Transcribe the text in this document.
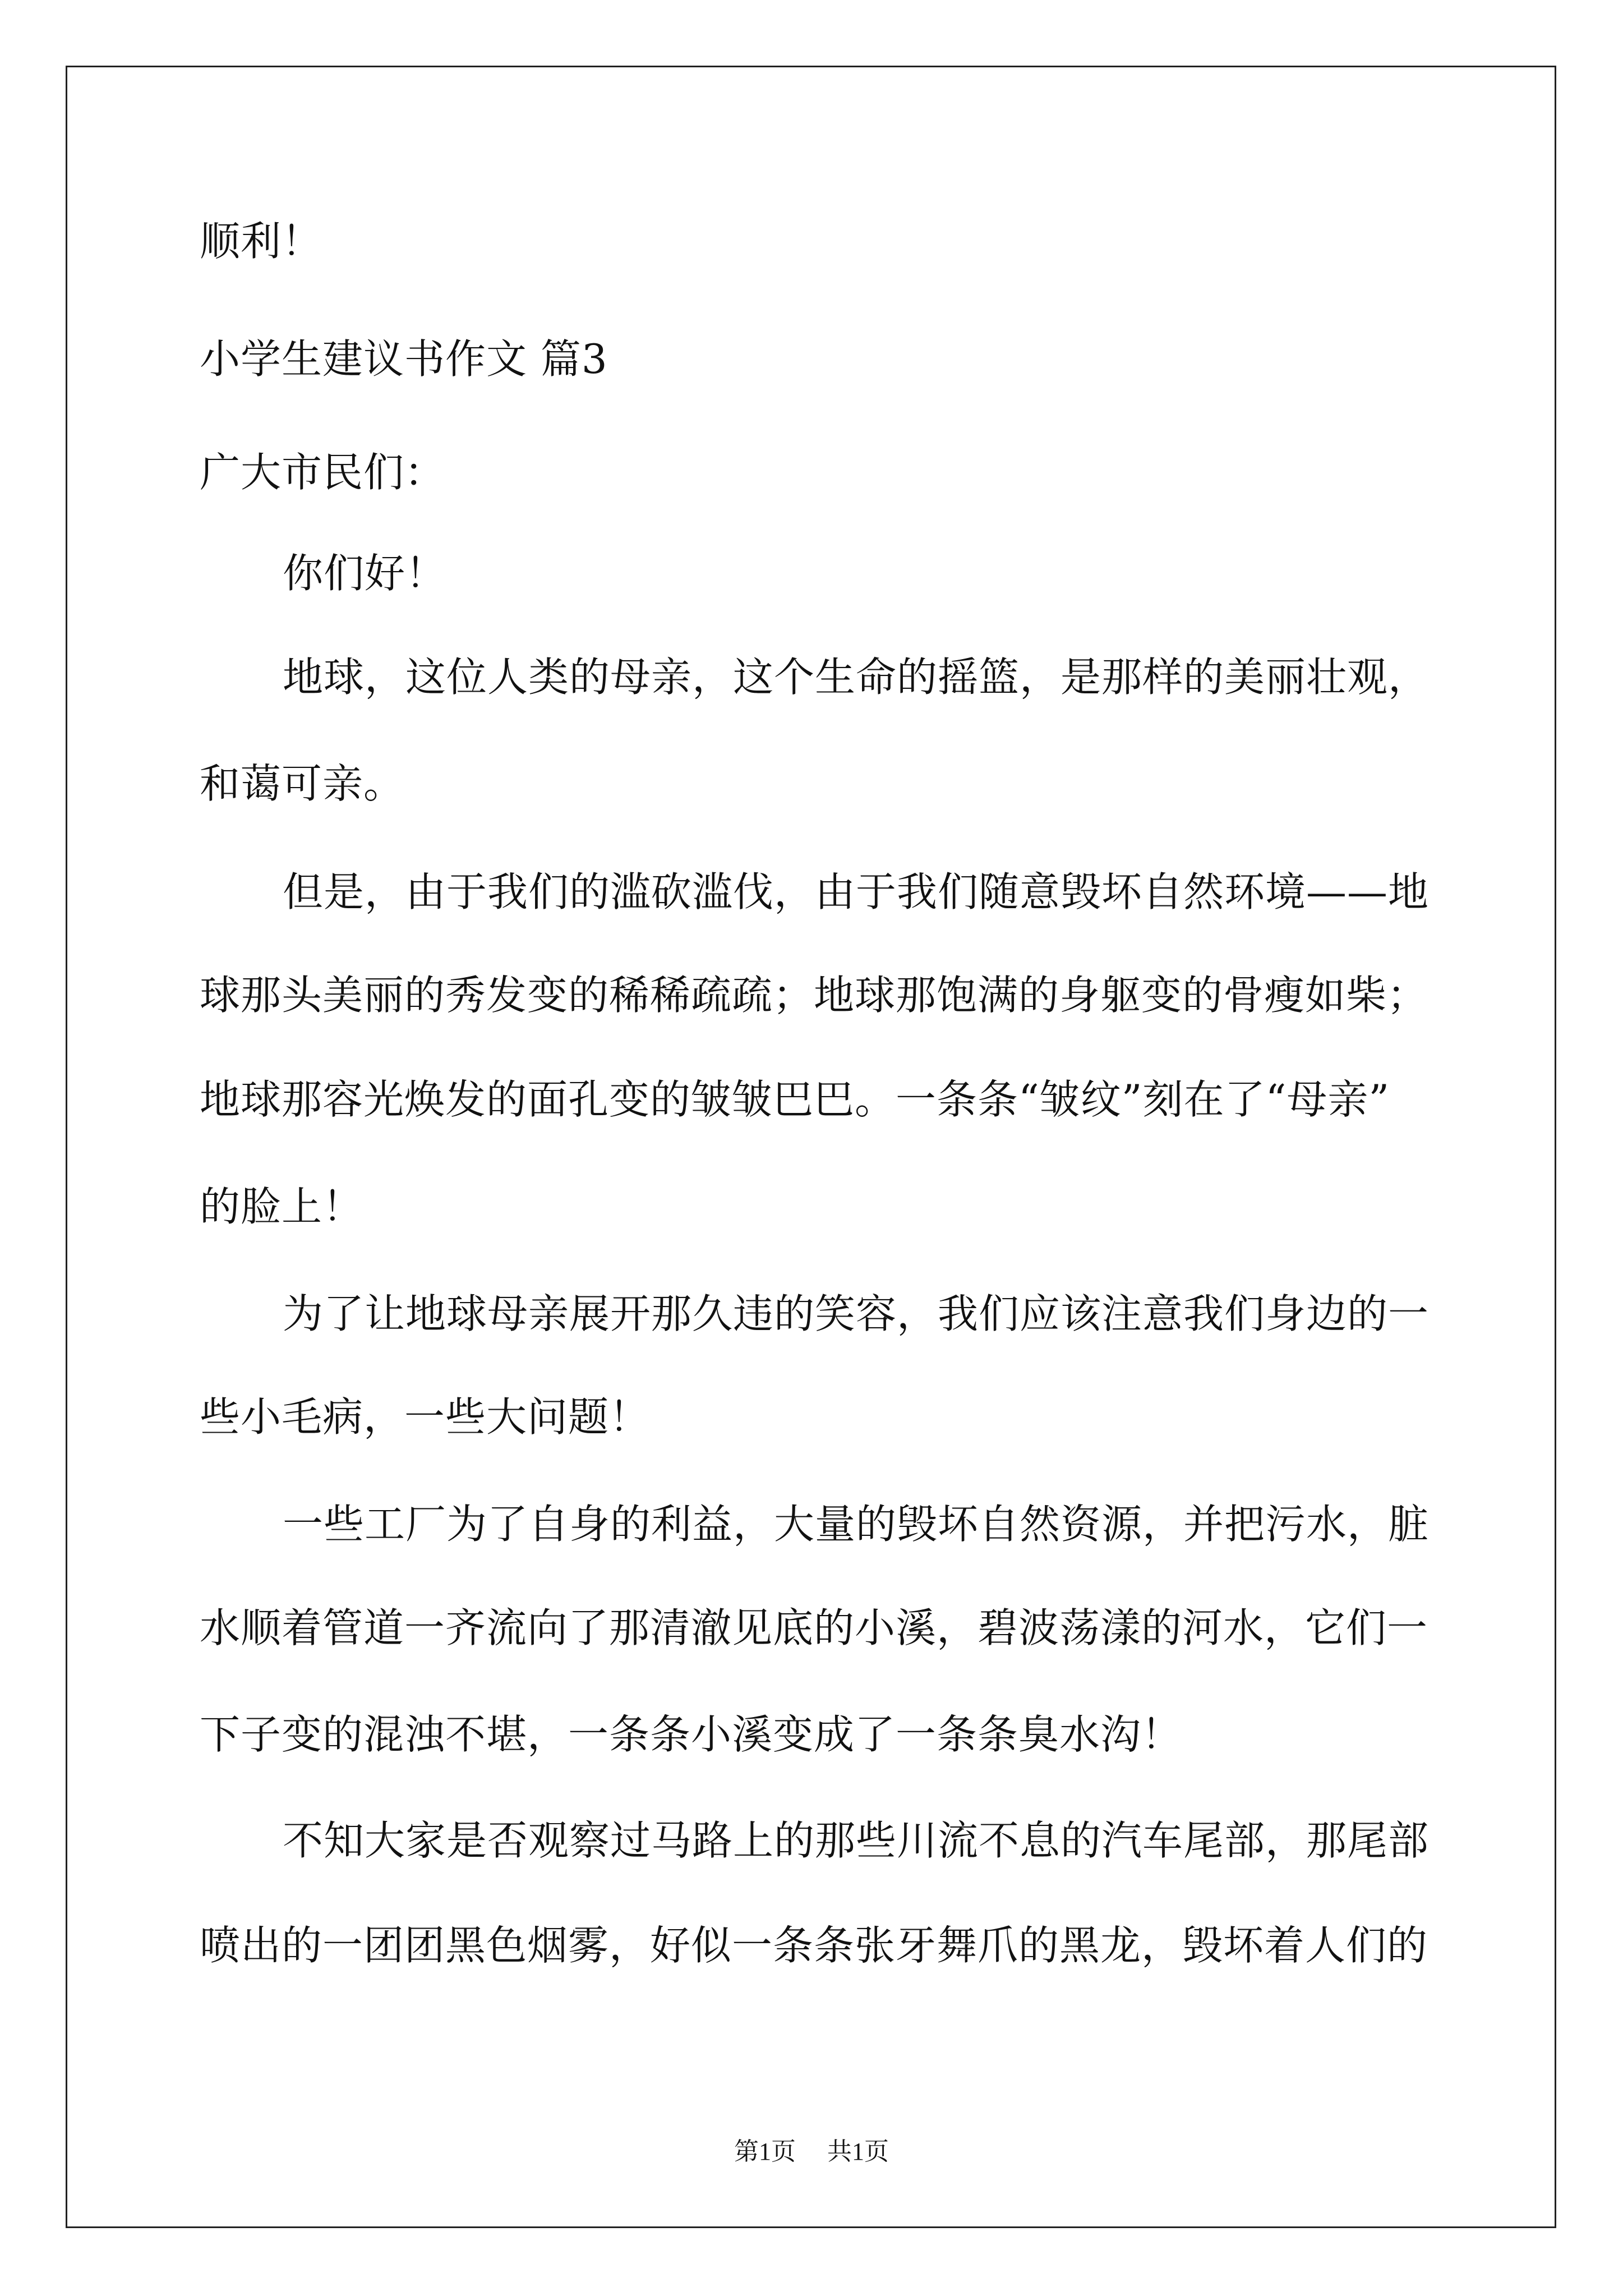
顺利！
小学生建议书作文 篇3
广大市民们：
你们好！
地球，这位人类的母亲，这个生命的摇篮，是那样的美丽壮观，
和蔼可亲。
但是，由于我们的滥砍滥伐，由于我们随意毁坏自然环境——地
球那头美丽的秀发变的稀稀疏疏；地球那饱满的身躯变的骨瘦如柴；
地球那容光焕发的面孔变的皱皱巴巴。一条条“皱纹”刻在了“母亲”
的脸上！
为了让地球母亲展开那久违的笑容，我们应该注意我们身边的一
些小毛病，一些大问题！
一些工厂为了自身的利益，大量的毁坏自然资源，并把污水，脏
水顺着管道一齐流向了那清澈见底的小溪，碧波荡漾的河水，它们一
下子变的混浊不堪，一条条小溪变成了一条条臭水沟！
不知大家是否观察过马路上的那些川流不息的汽车尾部，那尾部
喷出的一团团黑色烟雾，好似一条条张牙舞爪的黑龙，毁坏着人们的
第1页 共1页
